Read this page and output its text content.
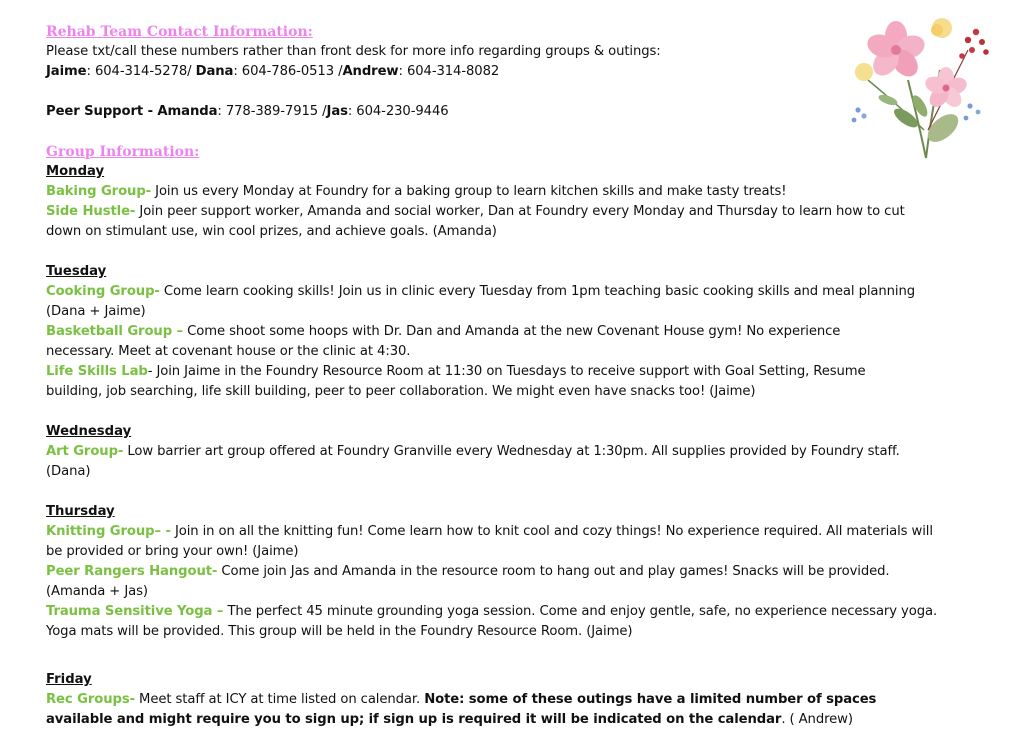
Rehab Team Contact Information:
Please txt/call these numbers rather than front desk for more info regarding groups & outings:
Jaime: 604-314-5278/ Dana: 604-786-0513 /Andrew: 604-314-8082
Peer Support - Amanda: 778-389-7915 /Jas: 604-230-9446
Group Information:
Monday
Baking Group- Join us every Monday at Foundry for a baking group to learn kitchen skills and make tasty treats!
Side Hustle- Join peer support worker, Amanda and social worker, Dan at Foundry every Monday and Thursday to learn how to cut down on stimulant use, win cool prizes, and achieve goals. (Amanda)
Tuesday
Cooking Group- Come learn cooking skills! Join us in clinic every Tuesday from 1pm teaching basic cooking skills and meal planning (Dana + Jaime)
Basketball Group – Come shoot some hoops with Dr. Dan and Amanda at the new Covenant House gym! No experience necessary. Meet at covenant house or the clinic at 4:30.
Life Skills Lab- Join Jaime in the Foundry Resource Room at 11:30 on Tuesdays to receive support with Goal Setting, Resume building, job searching, life skill building, peer to peer collaboration. We might even have snacks too! (Jaime)
Wednesday
Art Group- Low barrier art group offered at Foundry Granville every Wednesday at 1:30pm. All supplies provided by Foundry staff. (Dana)
Thursday
Knitting Group– - Join in on all the knitting fun! Come learn how to knit cool and cozy things! No experience required. All materials will be provided or bring your own! (Jaime)
Peer Rangers Hangout- Come join Jas and Amanda in the resource room to hang out and play games! Snacks will be provided. (Amanda + Jas)
Trauma Sensitive Yoga – The perfect 45 minute grounding yoga session. Come and enjoy gentle, safe, no experience necessary yoga. Yoga mats will be provided. This group will be held in the Foundry Resource Room. (Jaime)
Friday
Rec Groups- Meet staff at ICY at time listed on calendar. Note: some of these outings have a limited number of spaces available and might require you to sign up; if sign up is required it will be indicated on the calendar. ( Andrew)
